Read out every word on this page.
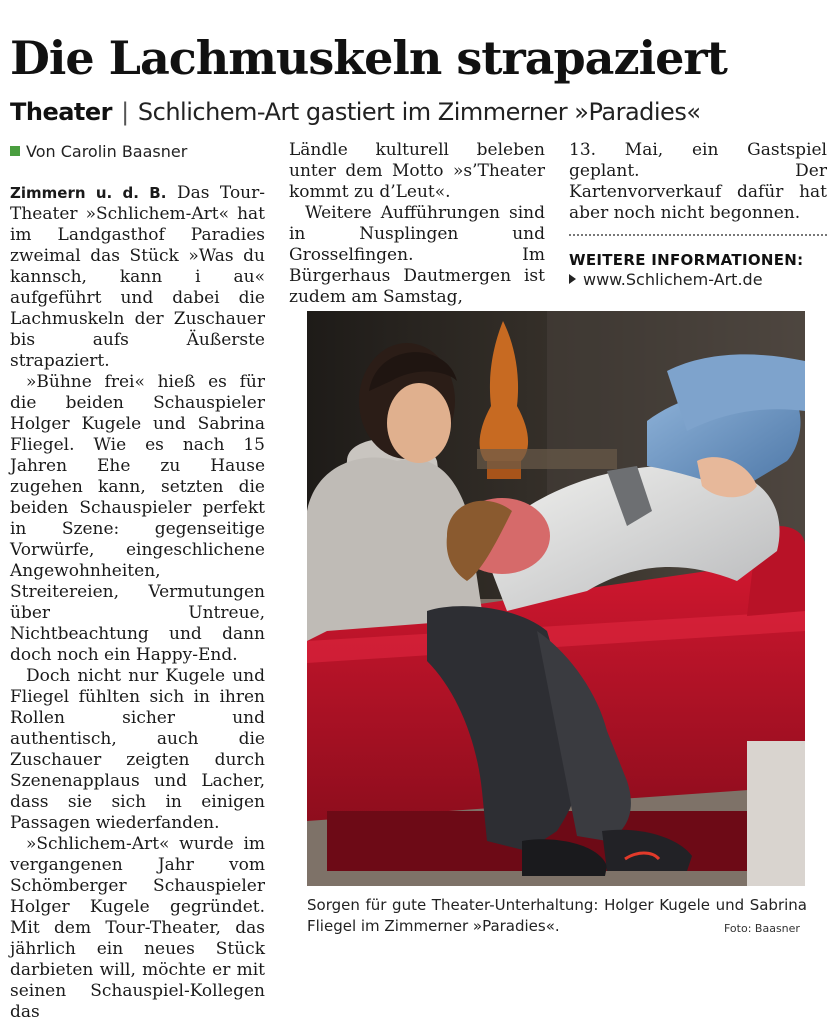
Die Lachmuskeln strapaziert
Theater | Schlichem-Art gastiert im Zimmerner »Paradies«
Von Carolin Baasner

Zimmern u. d. B. Das Tour-Theater »Schlichem-Art« hat im Landgasthof Paradies zweimal das Stück »Was du kannsch, kann i au« aufgeführt und dabei die Lachmuskeln der Zuschauer bis aufs Äußerste strapaziert.

»Bühne frei« hieß es für die beiden Schauspieler Holger Kugele und Sabrina Fliegel. Wie es nach 15 Jahren Ehe zu Hause zugehen kann, setzten die beiden Schauspieler perfekt in Szene: gegenseitige Vorwürfe, eingeschlichene Angewohnheiten, Streitereien, Vermutungen über Untreue, Nichtbeachtung und dann doch noch ein Happy-End.

Doch nicht nur Kugele und Fliegel fühlten sich in ihren Rollen sicher und authentisch, auch die Zuschauer zeigten durch Szenenapplaus und Lacher, dass sie sich in einigen Passagen wiederfanden.

»Schlichem-Art« wurde im vergangenen Jahr vom Schömberger Schauspieler Holger Kugele gegründet. Mit dem Tour-Theater, das jährlich ein neues Stück darbieten will, möchte er mit seinen Schauspiel-Kollegen das

Ländle kulturell beleben unter dem Motto »s’Theater kommt zu d’Leut«.

Weitere Aufführungen sind in Nusplingen und Grosselfingen. Im Bürgerhaus Dautmergen ist zudem am Samstag,

13. Mai, ein Gastspiel geplant. Der Kartenvorverkauf dafür hat aber noch nicht begonnen.

WEITERE INFORMATIONEN:
www.Schlichem-Art.de
Sorgen für gute Theater-Unterhaltung: Holger Kugele und Sabrina Fliegel im Zimmerner »Paradies«.	Foto: Baasner
